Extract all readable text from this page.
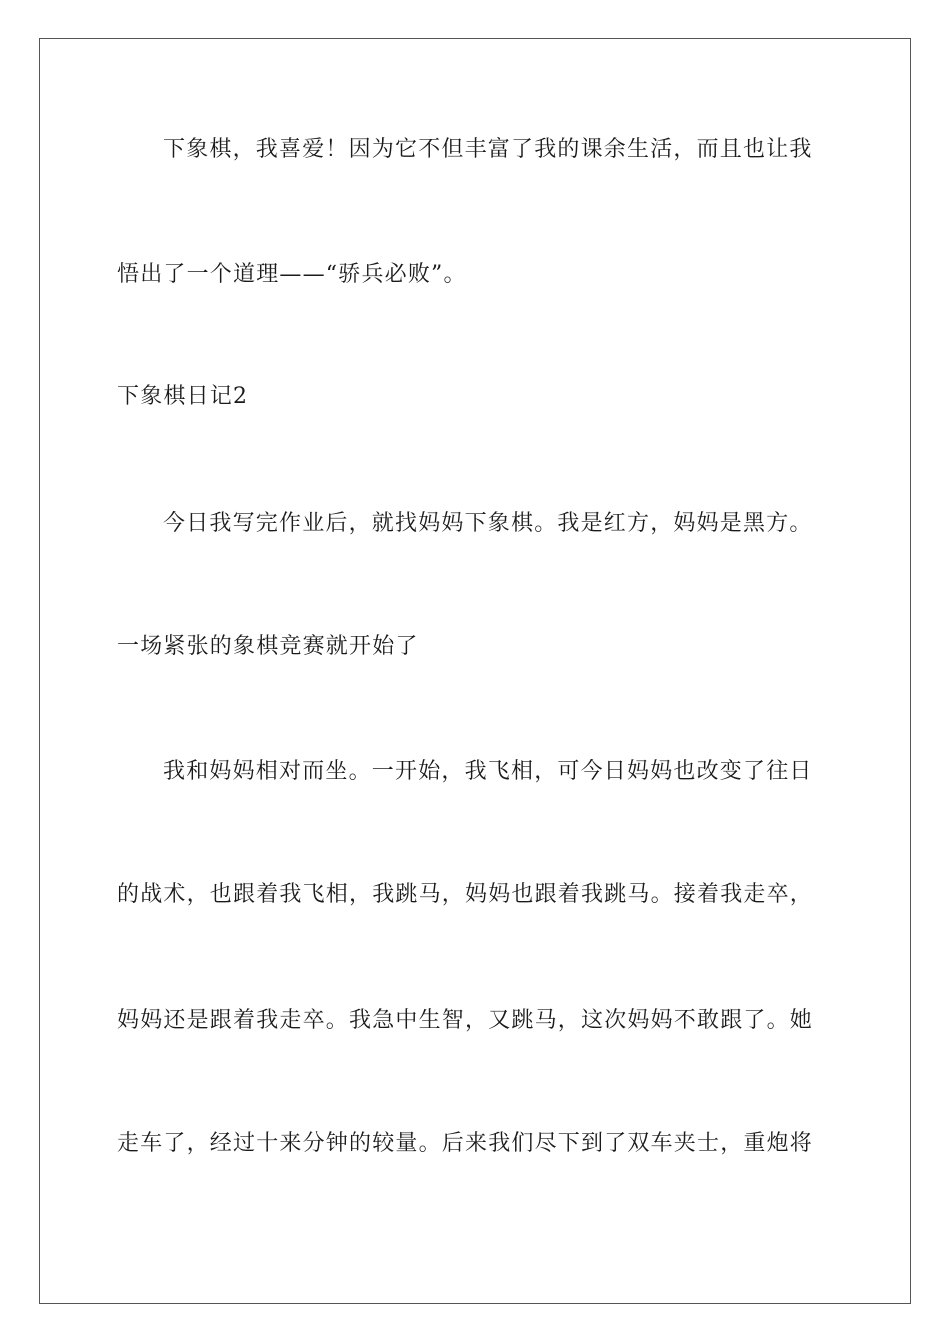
下象棋，我喜爱！因为它不但丰富了我的课余生活，而且也让我
悟出了一个道理——“骄兵必败”。
下象棋日记2
今日我写完作业后，就找妈妈下象棋。我是红方，妈妈是黑方。
一场紧张的象棋竞赛就开始了
我和妈妈相对而坐。一开始，我飞相，可今日妈妈也改变了往日
的战术，也跟着我飞相，我跳马，妈妈也跟着我跳马。接着我走卒，
妈妈还是跟着我走卒。我急中生智，又跳马，这次妈妈不敢跟了。她
走车了，经过十来分钟的较量。后来我们尽下到了双车夹士，重炮将
